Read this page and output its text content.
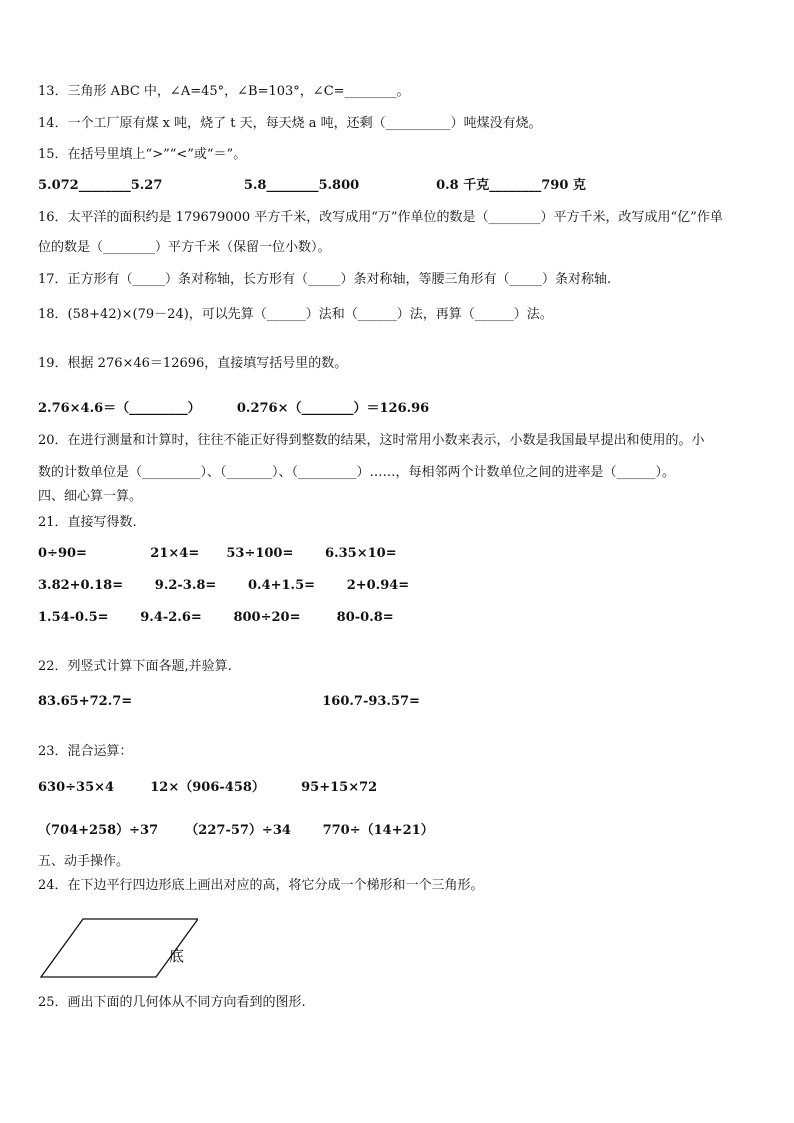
13．三角形 ABC 中，∠A=45°，∠B=103°，∠C=________。
14．一个工厂原有煤 x 吨，烧了 t 天，每天烧 a 吨，还剩（__________）吨煤没有烧。
15．在括号里填上“>”“<”或“＝”。
5.072________5.27                  5.8________5.800                 0.8 千克________790 克
16．太平洋的面积约是 179679000 平方千米，改写成用“万”作单位的数是（________）平方千米，改写成用“亿”作单
位的数是（________）平方千米（保留一位小数）。
17．正方形有（_____）条对称轴，长方形有（_____）条对称轴，等腰三角形有（_____）条对称轴.
18．(58+42)×(79－24)，可以先算（______）法和（______）法，再算（______）法。
19．根据 276×46＝12696，直接填写括号里的数。
2.76×4.6＝（_________）        0.276×（________）＝126.96
20．在进行测量和计算时，往往不能正好得到整数的结果，这时常用小数来表示，小数是我国最早提出和使用的。小
数的计数单位是（_________）、（_______）、（_________）……，每相邻两个计数单位之间的进率是（______）。
四、细心算一算。
21．直接写得数.
0÷90=              21×4=      53÷100=       6.35×10=
3.82+0.18=       9.2-3.8=       0.4+1.5=       2+0.94=
1.54-0.5=       9.4-2.6=       800÷20=        80-0.8=
22．列竖式计算下面各题,并验算.
83.65+72.7=                                          160.7-93.57=
23．混合运算：
630÷35×4        12×（906-458）        95+15×72
（704+258）÷37      （227-57）÷34       770÷（14+21）
五、动手操作。
24．在下边平行四边形底上画出对应的高，将它分成一个梯形和一个三角形。
底
25．画出下面的几何体从不同方向看到的图形.
